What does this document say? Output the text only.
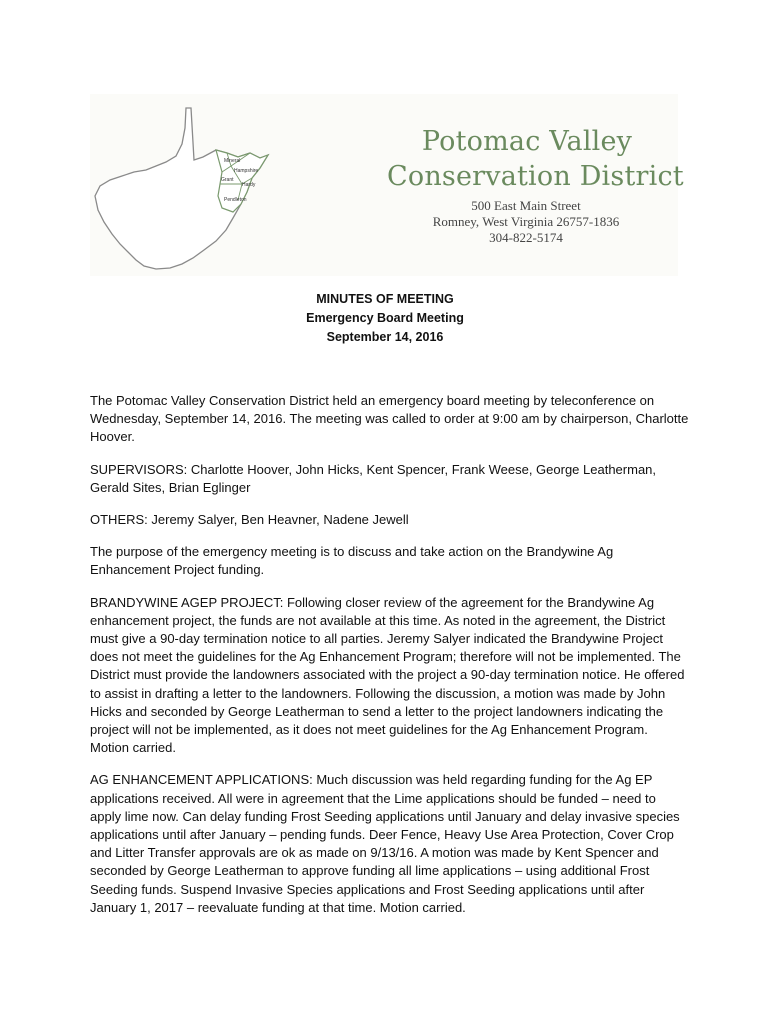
Mineral
Hampshire
Grant
Hardy
Pendleton
Potomac Valley
Conservation District
500 East Main Street
Romney, West Virginia 26757-1836
304-822-5174
MINUTES OF MEETING
Emergency Board Meeting
September 14, 2016

The Potomac Valley Conservation District held an emergency board meeting by teleconference on Wednesday, September 14, 2016. The meeting was called to order at 9:00 am by chairperson, Charlotte Hoover.

SUPERVISORS: Charlotte Hoover, John Hicks, Kent Spencer, Frank Weese, George Leatherman, Gerald Sites, Brian Eglinger

OTHERS: Jeremy Salyer, Ben Heavner, Nadene Jewell

The purpose of the emergency meeting is to discuss and take action on the Brandywine Ag Enhancement Project funding.

BRANDYWINE AGEP PROJECT: Following closer review of the agreement for the Brandywine Ag enhancement project, the funds are not available at this time. As noted in the agreement, the District must give a 90-day termination notice to all parties. Jeremy Salyer indicated the Brandywine Project does not meet the guidelines for the Ag Enhancement Program; therefore will not be implemented. The District must provide the landowners associated with the project a 90-day termination notice. He offered to assist in drafting a letter to the landowners. Following the discussion, a motion was made by John Hicks and seconded by George Leatherman to send a letter to the project landowners indicating the project will not be implemented, as it does not meet guidelines for the Ag Enhancement Program. Motion carried.

AG ENHANCEMENT APPLICATIONS: Much discussion was held regarding funding for the Ag EP applications received. All were in agreement that the Lime applications should be funded – need to apply lime now. Can delay funding Frost Seeding applications until January and delay invasive species applications until after January – pending funds. Deer Fence, Heavy Use Area Protection, Cover Crop and Litter Transfer approvals are ok as made on 9/13/16. A motion was made by Kent Spencer and seconded by George Leatherman to approve funding all lime applications – using additional Frost Seeding funds. Suspend Invasive Species applications and Frost Seeding applications until after January 1, 2017 – reevaluate funding at that time. Motion carried.
